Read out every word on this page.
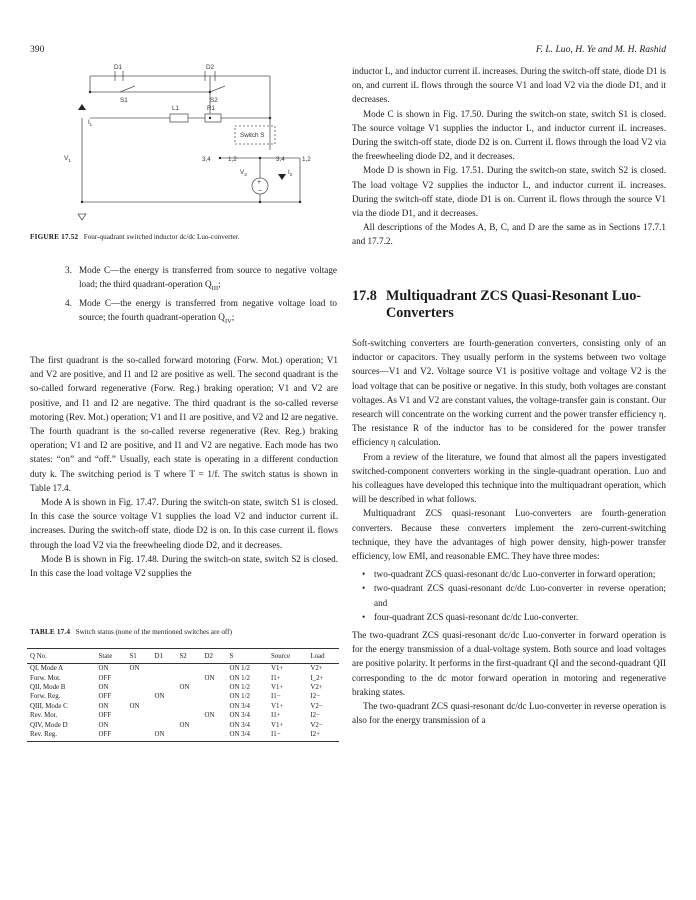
390	F. L. Luo, H. Ye and M. H. Rashid
D1	D2
S1	S2
L1	R1
$I_L$
Switch S
$V_1$	3,4	1,2	3,4	1,2
$V_2$	$I_2$
+
−
FIGURE 17.52 Four-quadrant switched inductor dc/dc Luo-converter.
3. Mode C—the energy is transferred from source to negative voltage load; the third quadrant-operation $Q_{III}$;
4. Mode C—the energy is transferred from negative voltage load to source; the fourth quadrant-operation $Q_{IV}$;

The first quadrant is the so-called forward motoring (Forw. Mot.) operation; V1 and V2 are positive, and I1 and I2 are positive as well. The second quadrant is the so-called forward regenerative (Forw. Reg.) braking operation; V1 and V2 are positive, and I1 and I2 are negative. The third quadrant is the so-called reverse motoring (Rev. Mot.) operation; V1 and I1 are positive, and V2 and I2 are negative. The fourth quadrant is the so-called reverse regenerative (Rev. Reg.) braking operation; V1 and I2 are positive, and I1 and V2 are negative. Each mode has two states: “on” and “off.” Usually, each state is operating in a different conduction duty k. The switching period is T where T = 1/f. The switch status is shown in Table 17.4.

Mode A is shown in Fig. 17.47. During the switch-on state, switch S1 is closed. In this case the source voltage V1 supplies the load V2 and inductor current iL increases. During the switch-off state, diode D2 is on. In this case current iL flows through the load V2 via the freewheeling diode D2, and it decreases.

Mode B is shown in Fig. 17.48. During the switch-on state, switch S2 is closed. In this case the load voltage V2 supplies the

TABLE 17.4 Switch status (none of the mentioned switches are off)
Q No.	State	S1	D1	S2	D2	S	Source	Load
QI, Mode A	ON	ON				ON 1/2	V1+	V2+
Forw. Mot.	OFF				ON	ON 1/2	I1+	I_2+
QII, Mode B	ON			ON		ON 1/2	V1+	V2+
Forw. Reg.	OFF		ON			ON 1/2	I1−	I2−
QIII, Mode C	ON	ON				ON 3/4	V1+	V2−
Rev. Mot.	OFF				ON	ON 3/4	I1+	I2−
QIV, Mode D	ON			ON		ON 3/4	V1+	V2−
Rev. Reg.	OFF		ON			ON 3/4	I1−	I2+

inductor L, and inductor current iL increases. During the switch-off state, diode D1 is on, and current iL flows through the source V1 and load V2 via the diode D1, and it decreases.

Mode C is shown in Fig. 17.50. During the switch-on state, switch S1 is closed. The source voltage V1 supplies the inductor L, and inductor current iL increases. During the switch-off state, diode D2 is on. Current iL flows through the load V2 via the freewheeling diode D2, and it decreases.

Mode D is shown in Fig. 17.51. During the switch-on state, switch S2 is closed. The load voltage V2 supplies the inductor L, and inductor current iL increases. During the switch-off state, diode D1 is on. Current iL flows through the source V1 via the diode D1, and it decreases.

All descriptions of the Modes A, B, C, and D are the same as in Sections 17.7.1 and 17.7.2.

17.8 Multiquadrant ZCS Quasi-Resonant Luo-Converters

Soft-switching converters are fourth-generation converters, consisting only of an inductor or capacitors. They usually perform in the systems between two voltage sources—V1 and V2. Voltage source V1 is positive voltage and voltage V2 is the load voltage that can be positive or negative. In this study, both voltages are constant voltages. As V1 and V2 are constant values, the voltage-transfer gain is constant. Our research will concentrate on the working current and the power transfer efficiency η. The resistance R of the inductor has to be considered for the power transfer efficiency η calculation.

From a review of the literature, we found that almost all the papers investigated switched-component converters working in the single-quadrant operation. Luo and his colleagues have developed this technique into the multiquadrant operation, which will be described in what follows.

Multiquadrant ZCS quasi-resonant Luo-converters are fourth-generation converters. Because these converters implement the zero-current-switching technique, they have the advantages of high power density, high-power transfer efficiency, low EMI, and reasonable EMC. They have three modes:

• two-quadrant ZCS quasi-resonant dc/dc Luo-converter in forward operation;
• two-quadrant ZCS quasi-resonant dc/dc Luo-converter in reverse operation; and
• four-quadrant ZCS quasi-resonant dc/dc Luo-converter.

The two-quadrant ZCS quasi-resonant dc/dc Luo-converter in forward operation is for the energy transmission of a dual-voltage system. Both source and load voltages are positive polarity. It performs in the first-quadrant QI and the second-quadrant QII corresponding to the dc motor forward operation in motoring and regenerative braking states.

The two-quadrant ZCS quasi-resonant dc/dc Luo-converter in reverse operation is also for the energy transmission of a
